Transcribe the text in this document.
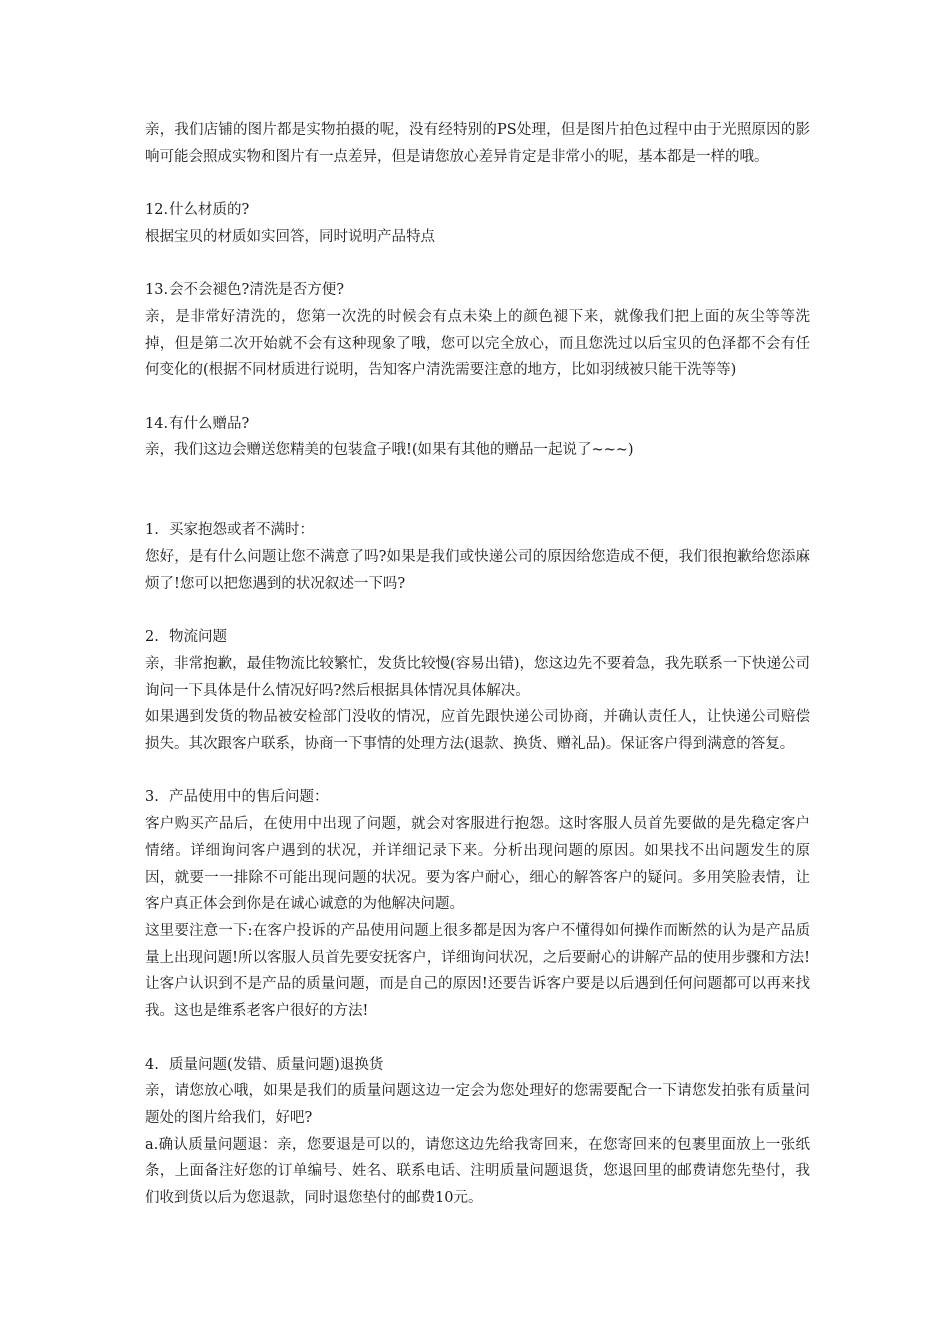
亲，我们店铺的图片都是实物拍摄的呢，没有经特别的PS处理，但是图片拍色过程中由于光照原因的影响可能会照成实物和图片有一点差异，但是请您放心差异肯定是非常小的呢，基本都是一样的哦。

12.什么材质的?

根据宝贝的材质如实回答，同时说明产品特点

13.会不会褪色?清洗是否方便?

亲，是非常好清洗的，您第一次洗的时候会有点未染上的颜色褪下来，就像我们把上面的灰尘等等洗掉，但是第二次开始就不会有这种现象了哦，您可以完全放心，而且您洗过以后宝贝的色泽都不会有任何变化的(根据不同材质进行说明，告知客户清洗需要注意的地方，比如羽绒被只能干洗等等)

14.有什么赠品?

亲，我们这边会赠送您精美的包装盒子哦!(如果有其他的赠品一起说了~~~)

1. 买家抱怨或者不满时：

您好，是有什么问题让您不满意了吗?如果是我们或快递公司的原因给您造成不便，我们很抱歉给您添麻烦了!您可以把您遇到的状况叙述一下吗?

2. 物流问题

亲，非常抱歉，最佳物流比较繁忙，发货比较慢(容易出错)，您这边先不要着急，我先联系一下快递公司询问一下具体是什么情况好吗?然后根据具体情况具体解决。

如果遇到发货的物品被安检部门没收的情况，应首先跟快递公司协商，并确认责任人，让快递公司赔偿损失。其次跟客户联系，协商一下事情的处理方法(退款、换货、赠礼品)。保证客户得到满意的答复。

3. 产品使用中的售后问题：

客户购买产品后，在使用中出现了问题，就会对客服进行抱怨。这时客服人员首先要做的是先稳定客户情绪。详细询问客户遇到的状况，并详细记录下来。分析出现问题的原因。如果找不出问题发生的原因，就要一一排除不可能出现问题的状况。要为客户耐心，细心的解答客户的疑问。多用笑脸表情，让客户真正体会到你是在诚心诚意的为他解决问题。

这里要注意一下:在客户投诉的产品使用问题上很多都是因为客户不懂得如何操作而断然的认为是产品质量上出现问题!所以客服人员首先要安抚客户，详细询问状况，之后要耐心的讲解产品的使用步骤和方法!让客户认识到不是产品的质量问题，而是自己的原因!还要告诉客户要是以后遇到任何问题都可以再来找我。这也是维系老客户很好的方法!

4. 质量问题(发错、质量问题)退换货

亲，请您放心哦，如果是我们的质量问题这边一定会为您处理好的您需要配合一下请您发拍张有质量问题处的图片给我们，好吧?

a.确认质量问题退：亲，您要退是可以的，请您这边先给我寄回来，在您寄回来的包裹里面放上一张纸条，上面备注好您的订单编号、姓名、联系电话、注明质量问题退货，您退回里的邮费请您先垫付，我们收到货以后为您退款，同时退您垫付的邮费10元。
